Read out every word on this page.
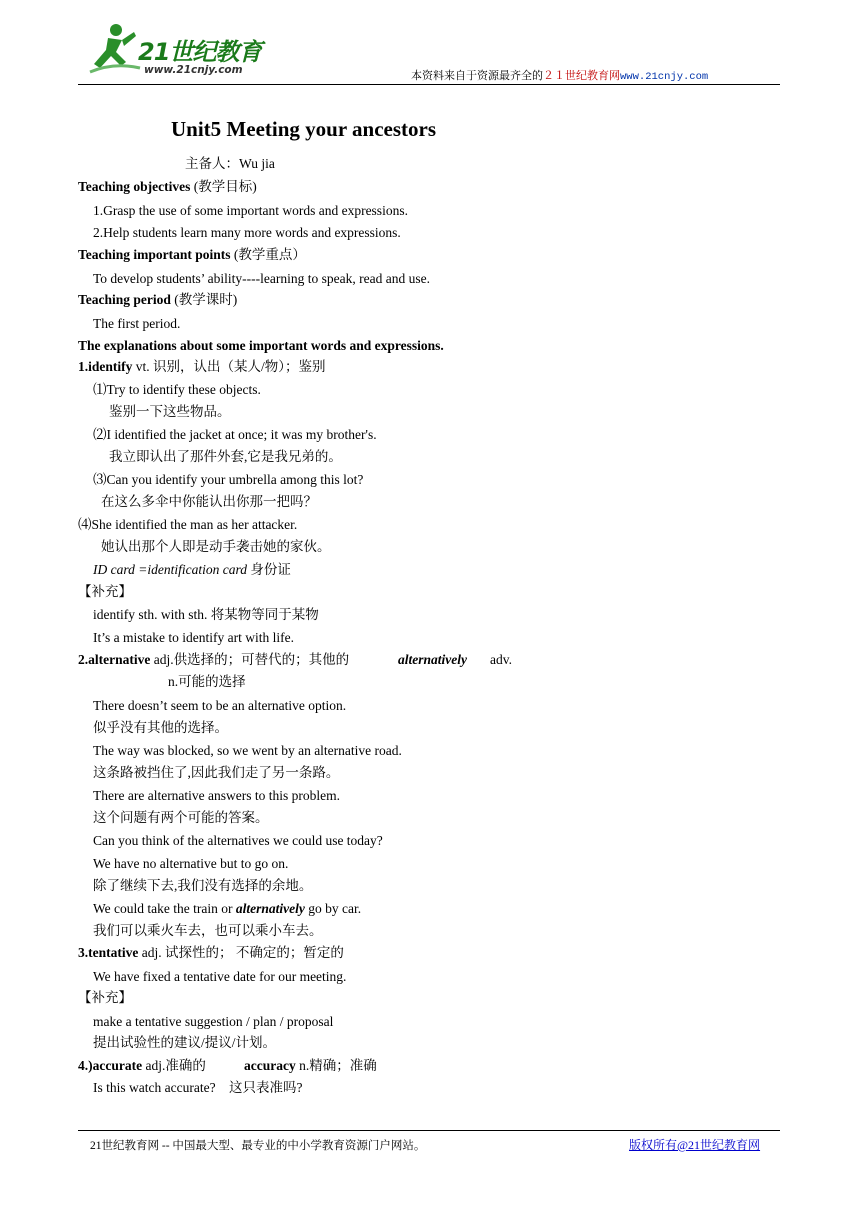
21世纪教育
www.21cnjy.com	本资料来自于资源最齐全的２１世纪教育网www.21cnjy.com
Unit5 Meeting your ancestors
主备人：Wu jia
Teaching objectives (教学目标)
1.Grasp the use of some important words and expressions.
2.Help students learn many more words and expressions.
Teaching important points (教学重点）
To develop students’ ability----learning to speak, read and use.
Teaching period (教学课时)
The first period.
The explanations about some important words and expressions.
1.identify vt. 识别，认出（某人/物）；鉴别
⑴Try to identify these objects.
鉴别一下这些物品。
⑵I identified the jacket at once; it was my brother's.
我立即认出了那件外套,它是我兄弟的。
⑶Can you identify your umbrella among this lot?
在这么多伞中你能认出你那一把吗？
⑷She identified the man as her attacker.
她认出那个人即是动手袭击她的家伙。
ID card =identification card 身份证
【补充】
identify sth. with sth. 将某物等同于某物
It’s a mistake to identify art with life.
2.alternative adj.供选择的；可替代的；其他的	alternatively adv.
n.可能的选择
There doesn’t seem to be an alternative option.
似乎没有其他的选择。
The way was blocked, so we went by an alternative road.
这条路被挡住了,因此我们走了另一条路。
There are alternative answers to this problem.
这个问题有两个可能的答案。
Can you think of the alternatives we could use today?
We have no alternative but to go on.
除了继续下去,我们没有选择的余地。
We could take the train or alternatively go by car.
我们可以乘火车去，也可以乘小车去。
3.tentative adj. 试探性的； 不确定的；暂定的
We have fixed a tentative date for our meeting.
【补充】
make a tentative suggestion / plan / proposal
提出试验性的建议/提议/计划。
4.)accurate adj.准确的	accuracy n.精确；准确
Is this watch accurate?    这只表准吗?
21世纪教育网 -- 中国最大型、最专业的中小学教育资源门户网站。	版权所有@21世纪教育网
